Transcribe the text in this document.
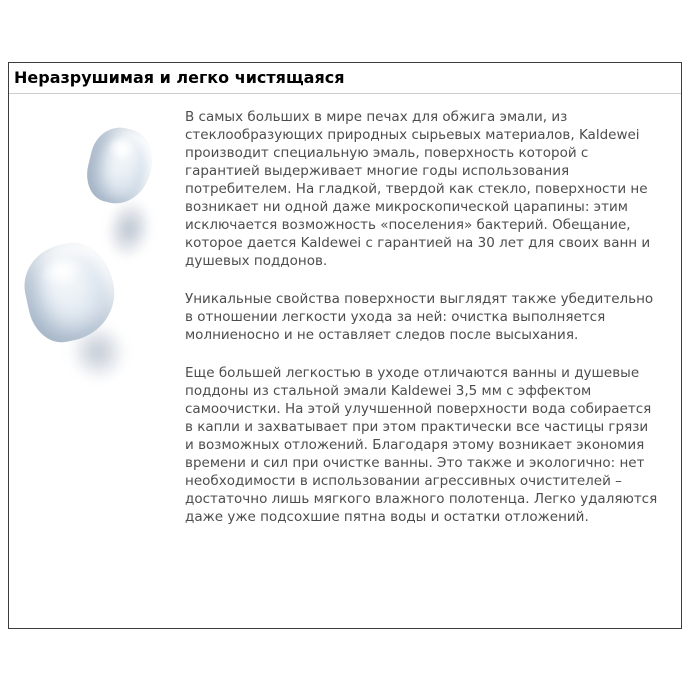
Неразрушимая и легко чистящаяся

В самых больших в мире печах для обжига эмали, из стеклообразующих природных сырьевых материалов, Kaldewei производит специальную эмаль, поверхность которой с гарантией выдерживает многие годы использования потребителем. На гладкой, твердой как стекло, поверхности не возникает ни одной даже микроскопической царапины: этим исключается возможность «поселения» бактерий. Обещание, которое дается Kaldewei с гарантией на 30 лет для своих ванн и душевых поддонов.

Уникальные свойства поверхности выглядят также убедительно в отношении легкости ухода за ней: очистка выполняется молниеносно и не оставляет следов после высыхания.

Еще большей легкостью в уходе отличаются ванны и душевые поддоны из стальной эмали Kaldewei 3,5 мм с эффектом самоочистки. На этой улучшенной поверхности вода собирается в капли и захватывает при этом практически все частицы грязи и возможных отложений. Благодаря этому возникает экономия времени и сил при очистке ванны. Это также и экологично: нет необходимости в использовании агрессивных очистителей – достаточно лишь мягкого влажного полотенца. Легко удаляются даже уже подсохшие пятна воды и остатки отложений.
